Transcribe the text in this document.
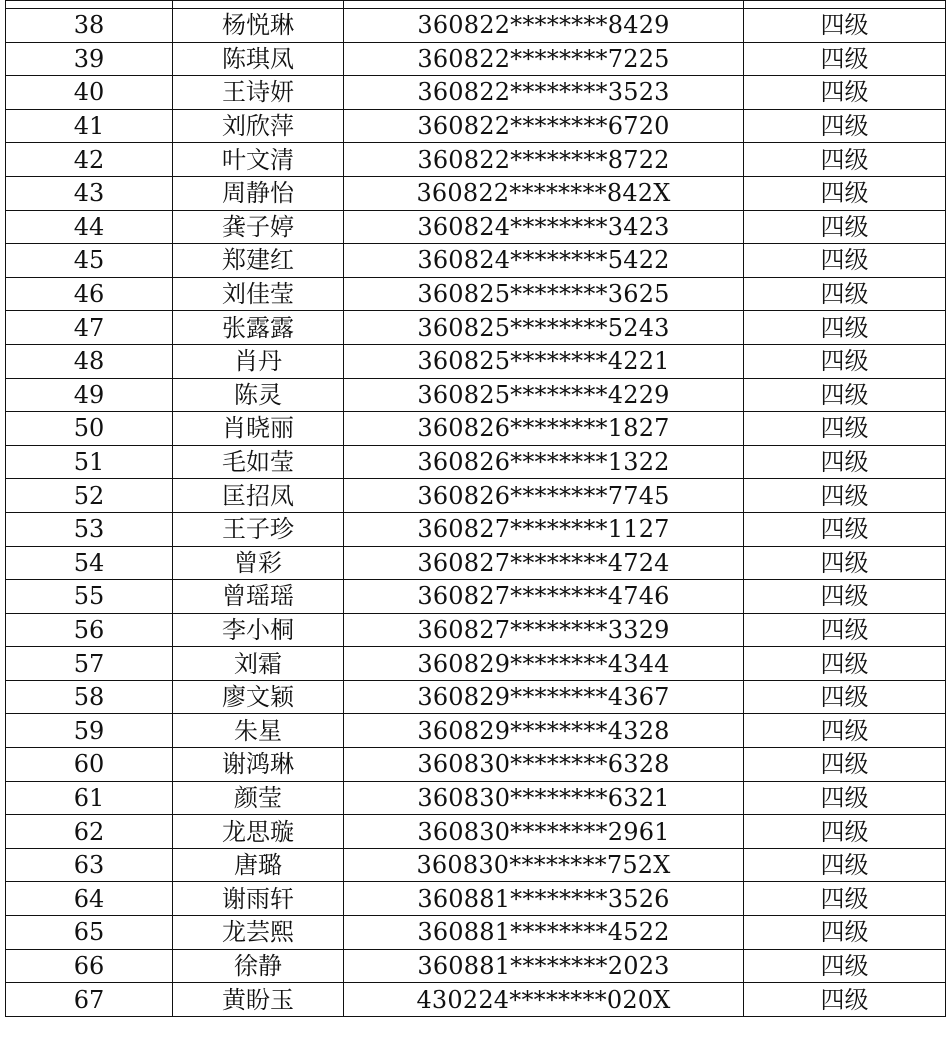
38	杨悦琳	360822********8429	四级
39	陈琪凤	360822********7225	四级
40	王诗妍	360822********3523	四级
41	刘欣萍	360822********6720	四级
42	叶文清	360822********8722	四级
43	周静怡	360822********842X	四级
44	龚子婷	360824********3423	四级
45	郑建红	360824********5422	四级
46	刘佳莹	360825********3625	四级
47	张露露	360825********5243	四级
48	肖丹	360825********4221	四级
49	陈灵	360825********4229	四级
50	肖晓丽	360826********1827	四级
51	毛如莹	360826********1322	四级
52	匡招凤	360826********7745	四级
53	王子珍	360827********1127	四级
54	曾彩	360827********4724	四级
55	曾瑶瑶	360827********4746	四级
56	李小桐	360827********3329	四级
57	刘霜	360829********4344	四级
58	廖文颖	360829********4367	四级
59	朱星	360829********4328	四级
60	谢鸿琳	360830********6328	四级
61	颜莹	360830********6321	四级
62	龙思璇	360830********2961	四级
63	唐璐	360830********752X	四级
64	谢雨轩	360881********3526	四级
65	龙芸熙	360881********4522	四级
66	徐静	360881********2023	四级
67	黄盼玉	430224********020X	四级
